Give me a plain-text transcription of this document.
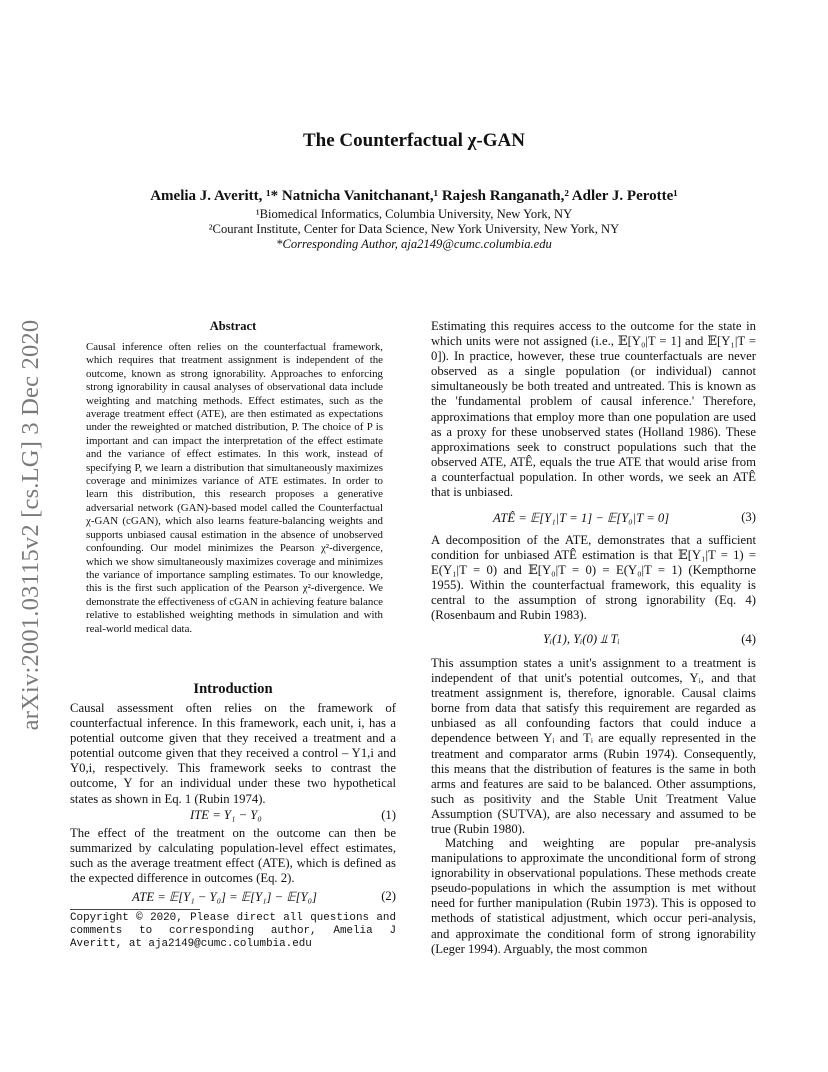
arXiv:2001.03115v2 [cs.LG] 3 Dec 2020
The Counterfactual χ-GAN
Amelia J. Averitt, ¹* Natnicha Vanitchanant,¹ Rajesh Ranganath,² Adler J. Perotte¹
¹Biomedical Informatics, Columbia University, New York, NY
²Courant Institute, Center for Data Science, New York University, New York, NY
*Corresponding Author, aja2149@cumc.columbia.edu
Abstract
Causal inference often relies on the counterfactual framework, which requires that treatment assignment is independent of the outcome, known as strong ignorability. Approaches to enforcing strong ignorability in causal analyses of observational data include weighting and matching methods. Effect estimates, such as the average treatment effect (ATE), are then estimated as expectations under the reweighted or matched distribution, P. The choice of P is important and can impact the interpretation of the effect estimate and the variance of effect estimates. In this work, instead of specifying P, we learn a distribution that simultaneously maximizes coverage and minimizes variance of ATE estimates. In order to learn this distribution, this research proposes a generative adversarial network (GAN)-based model called the Counterfactual χ-GAN (cGAN), which also learns feature-balancing weights and supports unbiased causal estimation in the absence of unobserved confounding. Our model minimizes the Pearson χ²-divergence, which we show simultaneously maximizes coverage and minimizes the variance of importance sampling estimates. To our knowledge, this is the first such application of the Pearson χ²-divergence. We demonstrate the effectiveness of cGAN in achieving feature balance relative to established weighting methods in simulation and with real-world medical data.
Introduction
Causal assessment often relies on the framework of counterfactual inference. In this framework, each unit, i, has a potential outcome given that they received a treatment and a potential outcome given that they received a control – Y1,i and Y0,i, respectively. This framework seeks to contrast the outcome, Y for an individual under these two hypothetical states as shown in Eq. 1 (Rubin 1974).
ITE = Y₁ − Y₀	(1)
The effect of the treatment on the outcome can then be summarized by calculating population-level effect estimates, such as the average treatment effect (ATE), which is defined as the expected difference in outcomes (Eq. 2).
ATE = 𝔼[Y₁ − Y₀] = 𝔼[Y₁] − 𝔼[Y₀]	(2)
Copyright © 2020, Please direct all questions and comments to corresponding author, Amelia J Averitt, at aja2149@cumc.columbia.edu
Estimating this requires access to the outcome for the state in which units were not assigned (i.e., 𝔼[Y₀|T = 1] and 𝔼[Y₁|T = 0]). In practice, however, these true counterfactuals are never observed as a single population (or individual) cannot simultaneously be both treated and untreated. This is known as the 'fundamental problem of causal inference.' Therefore, approximations that employ more than one population are used as a proxy for these unobserved states (Holland 1986). These approximations seek to construct populations such that the observed ATE, ATÊ, equals the true ATE that would arise from a counterfactual population. In other words, we seek an ATÊ that is unbiased.
ATÊ = 𝔼[Y₁|T = 1] − 𝔼[Y₀|T = 0]	(3)
A decomposition of the ATE, demonstrates that a sufficient condition for unbiased ATÊ estimation is that 𝔼[Y₁|T = 1) = E(Y₁|T = 0) and 𝔼[Y₀|T = 0) = E(Y₀|T = 1) (Kempthorne 1955). Within the counterfactual framework, this equality is central to the assumption of strong ignorability (Eq. 4) (Rosenbaum and Rubin 1983).
Yᵢ(1), Yᵢ(0) ⫫ Tᵢ	(4)
This assumption states a unit's assignment to a treatment is independent of that unit's potential outcomes, Yᵢ, and that treatment assignment is, therefore, ignorable. Causal claims borne from data that satisfy this requirement are regarded as unbiased as all confounding factors that could induce a dependence between Yᵢ and Tᵢ are equally represented in the treatment and comparator arms (Rubin 1974). Consequently, this means that the distribution of features is the same in both arms and features are said to be balanced. Other assumptions, such as positivity and the Stable Unit Treatment Value Assumption (SUTVA), are also necessary and assumed to be true (Rubin 1980).
Matching and weighting are popular pre-analysis manipulations to approximate the unconditional form of strong ignorability in observational populations. These methods create pseudo-populations in which the assumption is met without need for further manipulation (Rubin 1973). This is opposed to methods of statistical adjustment, which occur peri-analysis, and approximate the conditional form of strong ignorability (Leger 1994). Arguably, the most common
